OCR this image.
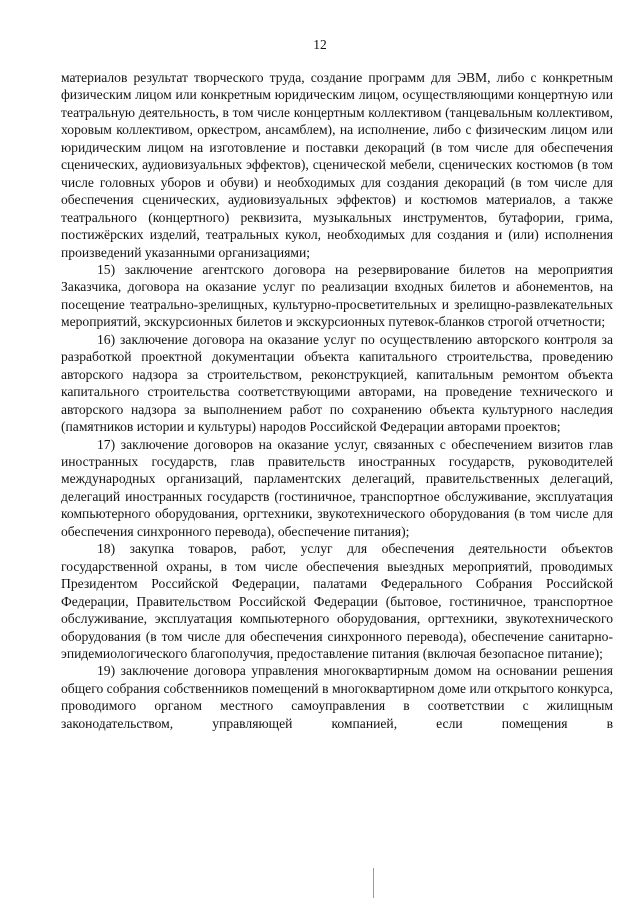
12

материалов результат творческого труда, создание программ для ЭВМ, либо с конкретным физическим лицом или конкретным юридическим лицом, осуществляющими концертную или театральную деятельность, в том числе концертным коллективом (танцевальным коллективом, хоровым коллективом, оркестром, ансамблем), на исполнение, либо с физическим лицом или юридическим лицом на изготовление и поставки декораций (в том числе для обеспечения сценических, аудиовизуальных эффектов), сценической мебели, сценических костюмов (в том числе головных уборов и обуви) и необходимых для создания декораций (в том числе для обеспечения сценических, аудиовизуальных эффектов) и костюмов материалов, а также театрального (концертного) реквизита, музыкальных инструментов, бутафории, грима, постижёрских изделий, театральных кукол, необходимых для создания и (или) исполнения произведений указанными организациями;

15) заключение агентского договора на резервирование билетов на мероприятия Заказчика, договора на оказание услуг по реализации входных билетов и абонементов, на посещение театрально-зрелищных, культурно-просветительных и зрелищно-развлекательных мероприятий, экскурсионных билетов и экскурсионных путевок-бланков строгой отчетности;

16) заключение договора на оказание услуг по осуществлению авторского контроля за разработкой проектной документации объекта капитального строительства, проведению авторского надзора за строительством, реконструкцией, капитальным ремонтом объекта капитального строительства соответствующими авторами, на проведение технического и авторского надзора за выполнением работ по сохранению объекта культурного наследия (памятников истории и культуры) народов Российской Федерации авторами проектов;

17) заключение договоров на оказание услуг, связанных с обеспечением визитов глав иностранных государств, глав правительств иностранных государств, руководителей международных организаций, парламентских делегаций, правительственных делегаций, делегаций иностранных государств (гостиничное, транспортное обслуживание, эксплуатация компьютерного оборудования, оргтехники, звукотехнического оборудования (в том числе для обеспечения синхронного перевода), обеспечение питания);

18) закупка товаров, работ, услуг для обеспечения деятельности объектов государственной охраны, в том числе обеспечения выездных мероприятий, проводимых Президентом Российской Федерации, палатами Федерального Собрания Российской Федерации, Правительством Российской Федерации (бытовое, гостиничное, транспортное обслуживание, эксплуатация компьютерного оборудования, оргтехники, звукотехнического оборудования (в том числе для обеспечения синхронного перевода), обеспечение санитарно-эпидемиологического благополучия, предоставление питания (включая безопасное питание);

19) заключение договора управления многоквартирным домом на основании решения общего собрания собственников помещений в многоквартирном доме или открытого конкурса, проводимого органом местного самоуправления в соответствии с жилищным законодательством, управляющей компанией, если помещения в
